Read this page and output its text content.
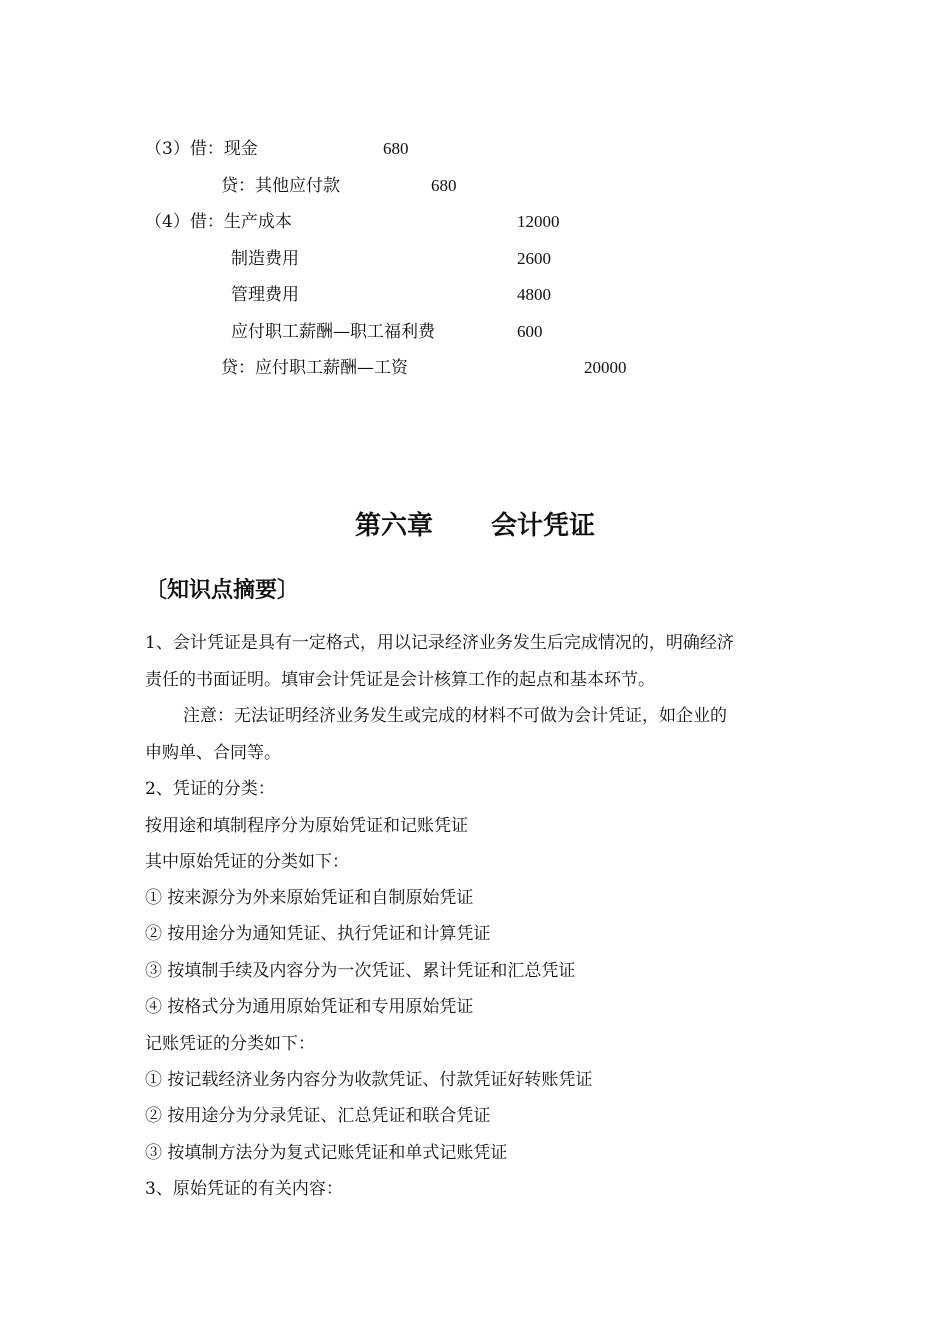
（3）借：现金	680
贷：其他应付款	680
（4）借：生产成本	12000
制造费用	2600
管理费用	4800
应付职工薪酬—职工福利费	600
贷：应付职工薪酬—工资	20000
第六章 会计凭证
〔知识点摘要〕
1、会计凭证是具有一定格式，用以记录经济业务发生后完成情况的，明确经济
责任的书面证明。填审会计凭证是会计核算工作的起点和基本环节。
注意：无法证明经济业务发生或完成的材料不可做为会计凭证，如企业的
申购单、合同等。
2、凭证的分类：
按用途和填制程序分为原始凭证和记账凭证
其中原始凭证的分类如下：
① 按来源分为外来原始凭证和自制原始凭证
② 按用途分为通知凭证、执行凭证和计算凭证
③ 按填制手续及内容分为一次凭证、累计凭证和汇总凭证
④ 按格式分为通用原始凭证和专用原始凭证
记账凭证的分类如下：
① 按记载经济业务内容分为收款凭证、付款凭证好转账凭证
② 按用途分为分录凭证、汇总凭证和联合凭证
③ 按填制方法分为复式记账凭证和单式记账凭证
3、原始凭证的有关内容：
